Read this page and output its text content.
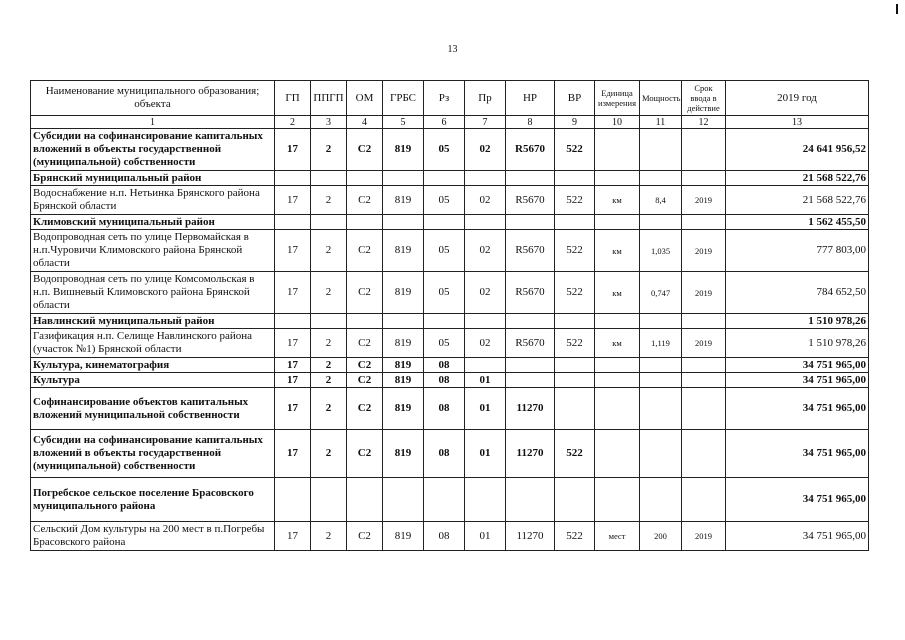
13
Наименование муниципального образования; объекта	ГП	ППГП	ОМ	ГРБС	Рз	Пр	НР	ВР	Единица измерения	Мощность	Срок ввода в действие	2019 год
1	2	3	4	5	6	7	8	9	10	11	12	13
Субсидии на софинансирование капитальных вложений в объекты государственной (муниципальной) собственности	17	2	С2	819	05	02	R5670	522				24 641 956,52
Брянский муниципальный район												21 568 522,76
Водоснабжение н.п. Нетьинка Брянского района Брянской области	17	2	С2	819	05	02	R5670	522	км	8,4	2019	21 568 522,76
Климовский муниципальный район												1 562 455,50
Водопроводная сеть по улице Первомайская в н.п.Чуровичи Климовского района Брянской области	17	2	С2	819	05	02	R5670	522	км	1,035	2019	777 803,00
Водопроводная сеть по улице Комсомольская в н.п. Вишневый Климовского района Брянской области	17	2	С2	819	05	02	R5670	522	км	0,747	2019	784 652,50
Навлинский муниципальный район												1 510 978,26
Газификация н.п. Селище Навлинского района (участок №1) Брянской области	17	2	С2	819	05	02	R5670	522	км	1,119	2019	1 510 978,26
Культура, кинематография	17	2	С2	819	08							34 751 965,00
Культура	17	2	С2	819	08	01						34 751 965,00
Софинансирование объектов капитальных вложений муниципальной собственности	17	2	С2	819	08	01	11270					34 751 965,00
Субсидии на софинансирование капитальных вложений в объекты государственной (муниципальной) собственности	17	2	С2	819	08	01	11270	522				34 751 965,00
Погребское сельское поселение Брасовского муниципального района												34 751 965,00
Сельский Дом культуры на 200 мест в п.Погребы Брасовского района	17	2	С2	819	08	01	11270	522	мест	200	2019	34 751 965,00
